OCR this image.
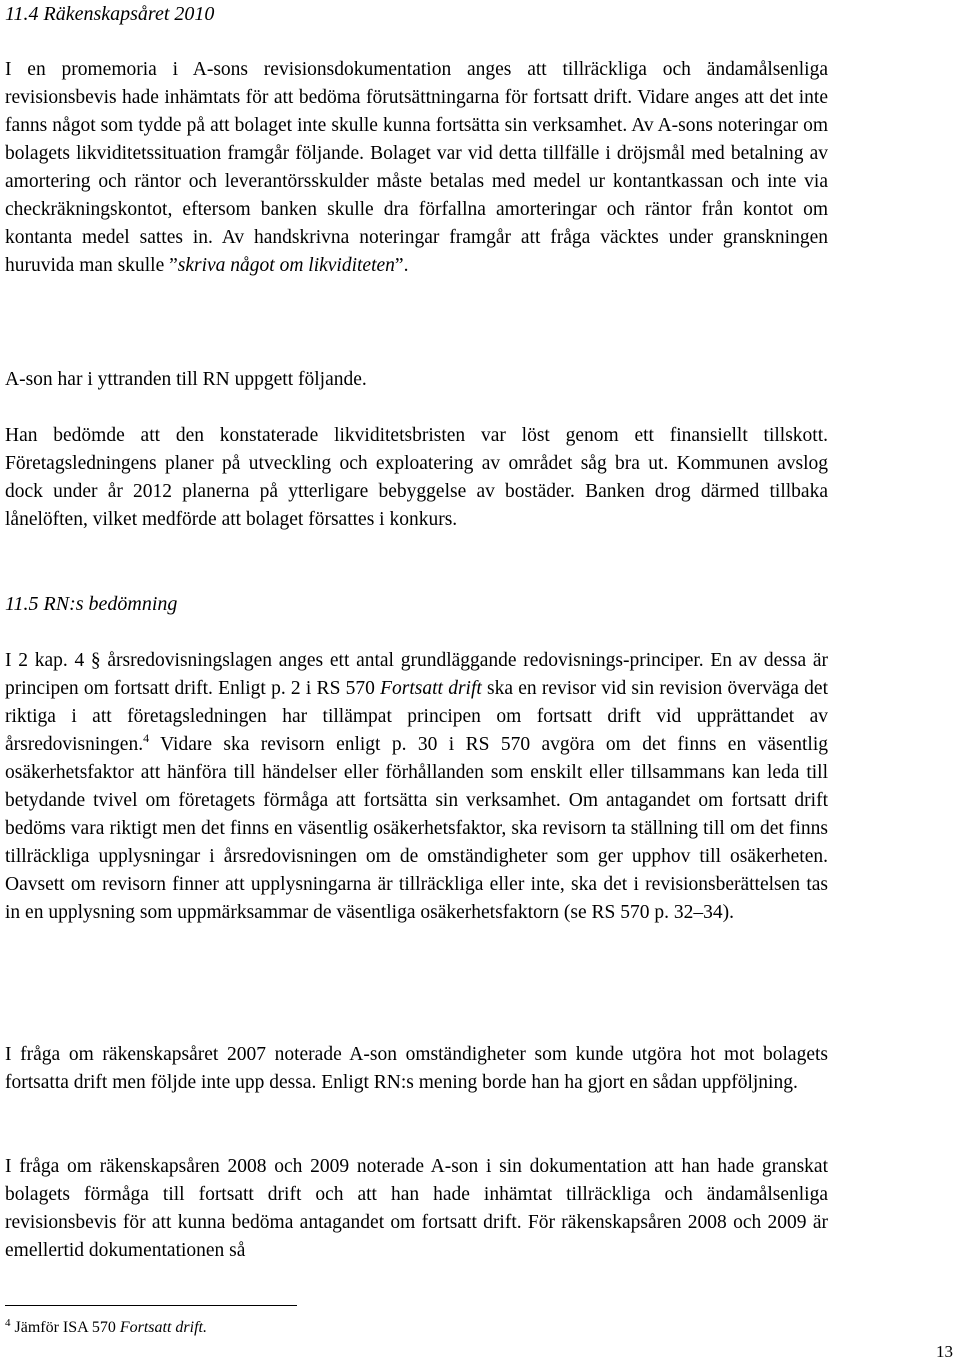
11.4 Räkenskapsåret 2010

I en promemoria i A-sons revisionsdokumentation anges att tillräckliga och ändamålsenliga revisionsbevis hade inhämtats för att bedöma förutsättningarna för fortsatt drift. Vidare anges att det inte fanns något som tydde på att bolaget inte skulle kunna fortsätta sin verksamhet. Av A-sons noteringar om bolagets likviditetssituation framgår följande. Bolaget var vid detta tillfälle i dröjsmål med betalning av amortering och räntor och leverantörsskulder måste betalas med medel ur kontantkassan och inte via checkräkningskontot, eftersom banken skulle dra förfallna amorteringar och räntor från kontot om kontanta medel sattes in. Av handskrivna noteringar framgår att fråga väcktes under granskningen huruvida man skulle ”skriva något om likviditeten”.

A-son har i yttranden till RN uppgett följande.

Han bedömde att den konstaterade likviditetsbristen var löst genom ett finansiellt tillskott. Företagsledningens planer på utveckling och exploatering av området såg bra ut. Kommunen avslog dock under år 2012 planerna på ytterligare bebyggelse av bostäder. Banken drog därmed tillbaka lånelöften, vilket medförde att bolaget försattes i konkurs.

11.5 RN:s bedömning

I 2 kap. 4 § årsredovisningslagen anges ett antal grundläggande redovisnings-principer. En av dessa är principen om fortsatt drift. Enligt p. 2 i RS 570 Fortsatt drift ska en revisor vid sin revision överväga det riktiga i att företagsledningen har tillämpat principen om fortsatt drift vid upprättandet av årsredovisningen.$^4$ Vidare ska revisorn enligt p. 30 i RS 570 avgöra om det finns en väsentlig osäkerhetsfaktor att hänföra till händelser eller förhållanden som enskilt eller tillsammans kan leda till betydande tvivel om företagets förmåga att fortsätta sin verksamhet. Om antagandet om fortsatt drift bedöms vara riktigt men det finns en väsentlig osäkerhetsfaktor, ska revisorn ta ställning till om det finns tillräckliga upplysningar i årsredovisningen om de omständigheter som ger upphov till osäkerheten. Oavsett om revisorn finner att upplysningarna är tillräckliga eller inte, ska det i revisionsberättelsen tas in en upplysning som uppmärksammar de väsentliga osäkerhetsfaktorn (se RS 570 p. 32–34).

I fråga om räkenskapsåret 2007 noterade A-son omständigheter som kunde utgöra hot mot bolagets fortsatta drift men följde inte upp dessa. Enligt RN:s mening borde han ha gjort en sådan uppföljning.

I fråga om räkenskapsåren 2008 och 2009 noterade A-son i sin dokumentation att han hade granskat bolagets förmåga till fortsatt drift och att han hade inhämtat tillräckliga och ändamålsenliga revisionsbevis för att kunna bedöma antagandet om fortsatt drift. För räkenskapsåren 2008 och 2009 är emellertid dokumentationen så

$^4$ Jämför ISA 570 Fortsatt drift.

13
